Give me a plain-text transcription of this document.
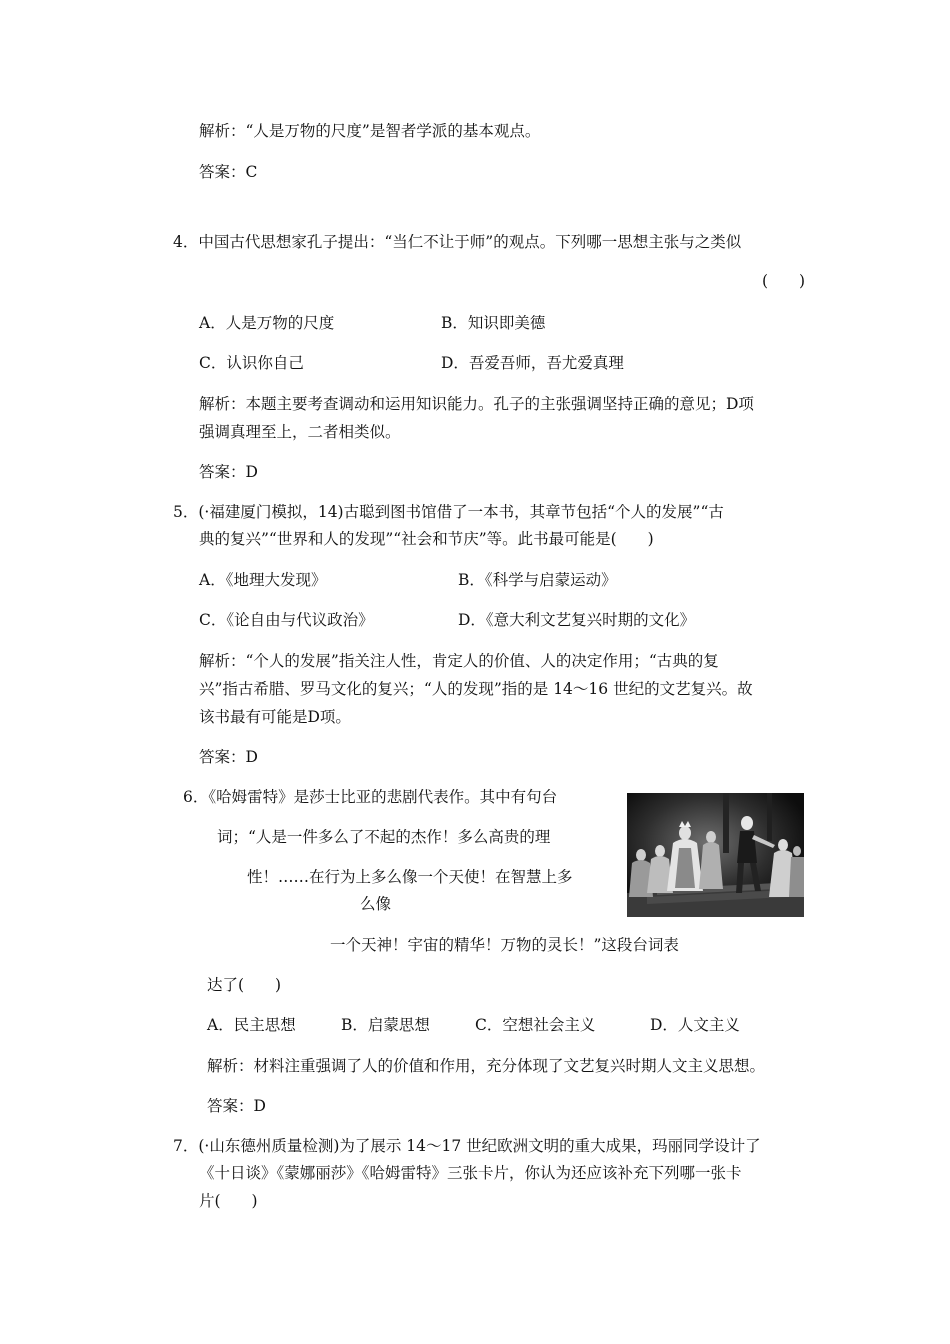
解析：“人是万物的尺度”是智者学派的基本观点。
答案：C
4．中国古代思想家孔子提出：“当仁不让于师”的观点。下列哪一思想主张与之类似
(　　)
A．人是万物的尺度	B．知识即美德
C．认识你自己	D．吾爱吾师，吾尤爱真理
解析：本题主要考查调动和运用知识能力。孔子的主张强调坚持正确的意见；D项
强调真理至上，二者相类似。
答案：D
5．(·福建厦门模拟，14)古聪到图书馆借了一本书，其章节包括“个人的发展”“古
典的复兴”“世界和人的发现”“社会和节庆”等。此书最可能是(　　)
A．《地理大发现》	B．《科学与启蒙运动》
C．《论自由与代议政治》	D．《意大利文艺复兴时期的文化》
解析：“个人的发展”指关注人性，肯定人的价值、人的决定作用；“古典的复
兴”指古希腊、罗马文化的复兴；“人的发现”指的是 14～16 世纪的文艺复兴。故
该书最有可能是D项。
答案：D
6．《哈姆雷特》是莎士比亚的悲剧代表作。其中有句台
词；“人是一件多么了不起的杰作！多么高贵的理
性！……在行为上多么像一个天使！在智慧上多
么像
一个天神！宇宙的精华！万物的灵长！”这段台词表
达了(　　)
A．民主思想	B．启蒙思想	C．空想社会主义	D．人文主义
解析：材料注重强调了人的价值和作用，充分体现了文艺复兴时期人文主义思想。
答案：D
7．(·山东德州质量检测)为了展示 14～17 世纪欧洲文明的重大成果，玛丽同学设计了
《十日谈》《蒙娜丽莎》《哈姆雷特》三张卡片，你认为还应该补充下列哪一张卡
片(　　)
